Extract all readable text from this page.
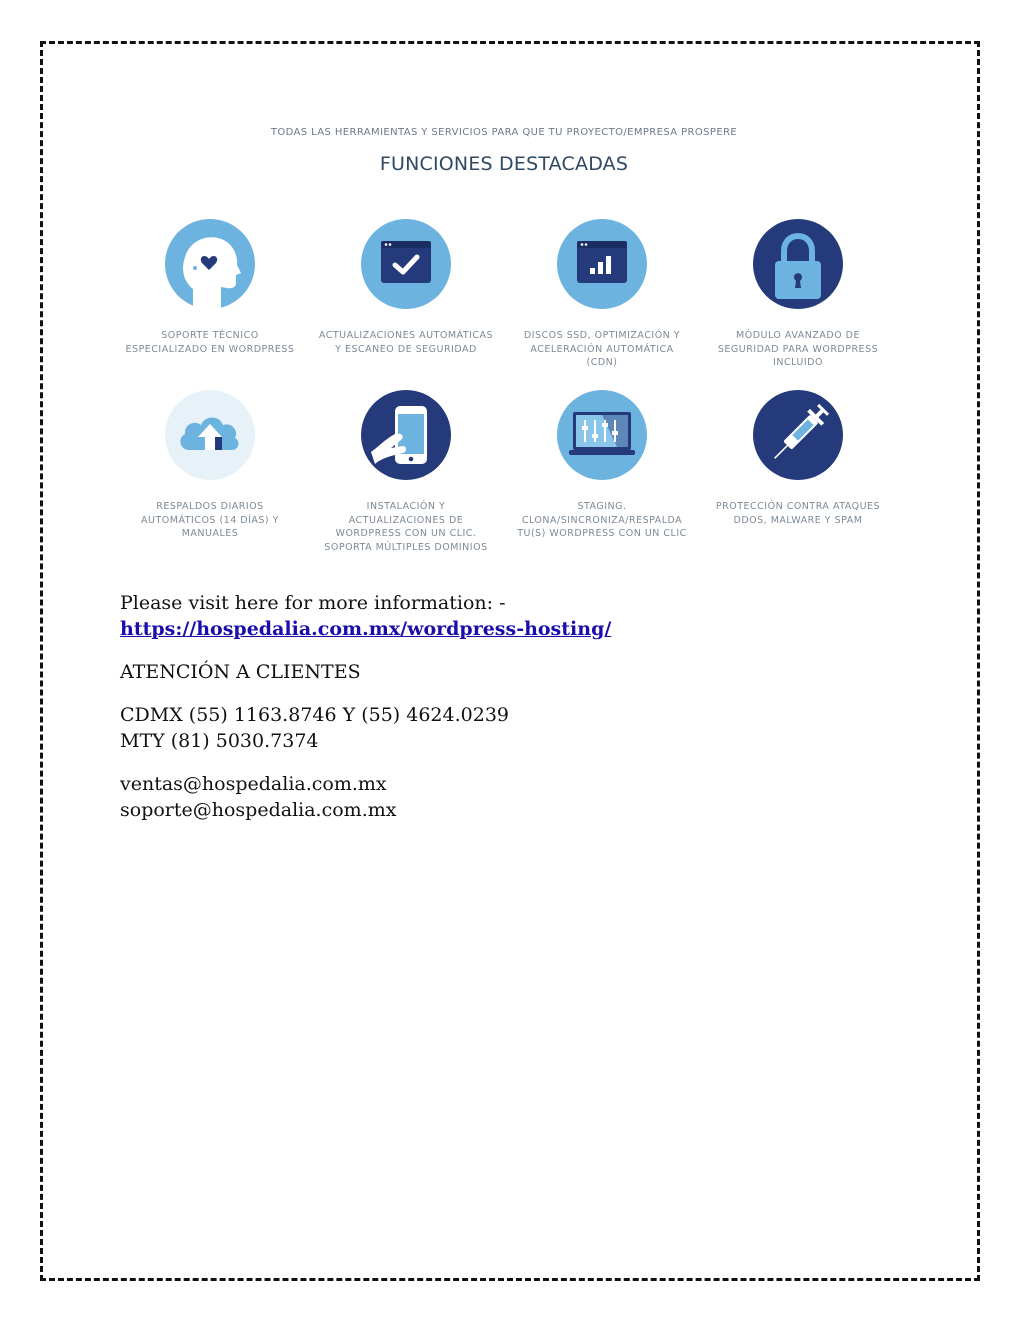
TODAS LAS HERRAMIENTAS Y SERVICIOS PARA QUE TU PROYECTO/EMPRESA PROSPERE
FUNCIONES DESTACADAS
SOPORTE TÉCNICO ESPECIALIZADO EN WORDPRESS
ACTUALIZACIONES AUTOMÁTICAS Y ESCANEO DE SEGURIDAD
DISCOS SSD, OPTIMIZACIÓN Y ACELERACIÓN AUTOMÁTICA (CDN)
MÓDULO AVANZADO DE SEGURIDAD PARA WORDPRESS INCLUIDO
RESPALDOS DIARIOS AUTOMÁTICOS (14 DÍAS) Y MANUALES
INSTALACIÓN Y ACTUALIZACIONES DE WORDPRESS CON UN CLIC. SOPORTA MÚLTIPLES DOMINIOS
STAGING. CLONA/SINCRONIZA/RESPALDA TU(S) WORDPRESS CON UN CLIC
PROTECCIÓN CONTRA ATAQUES DDOS, MALWARE Y SPAM

Please visit here for more information: - https://hospedalia.com.mx/wordpress-hosting/

ATENCIÓN A CLIENTES

CDMX (55) 1163.8746 Y (55) 4624.0239

MTY (81) 5030.7374

ventas@hospedalia.com.mx

soporte@hospedalia.com.mx
